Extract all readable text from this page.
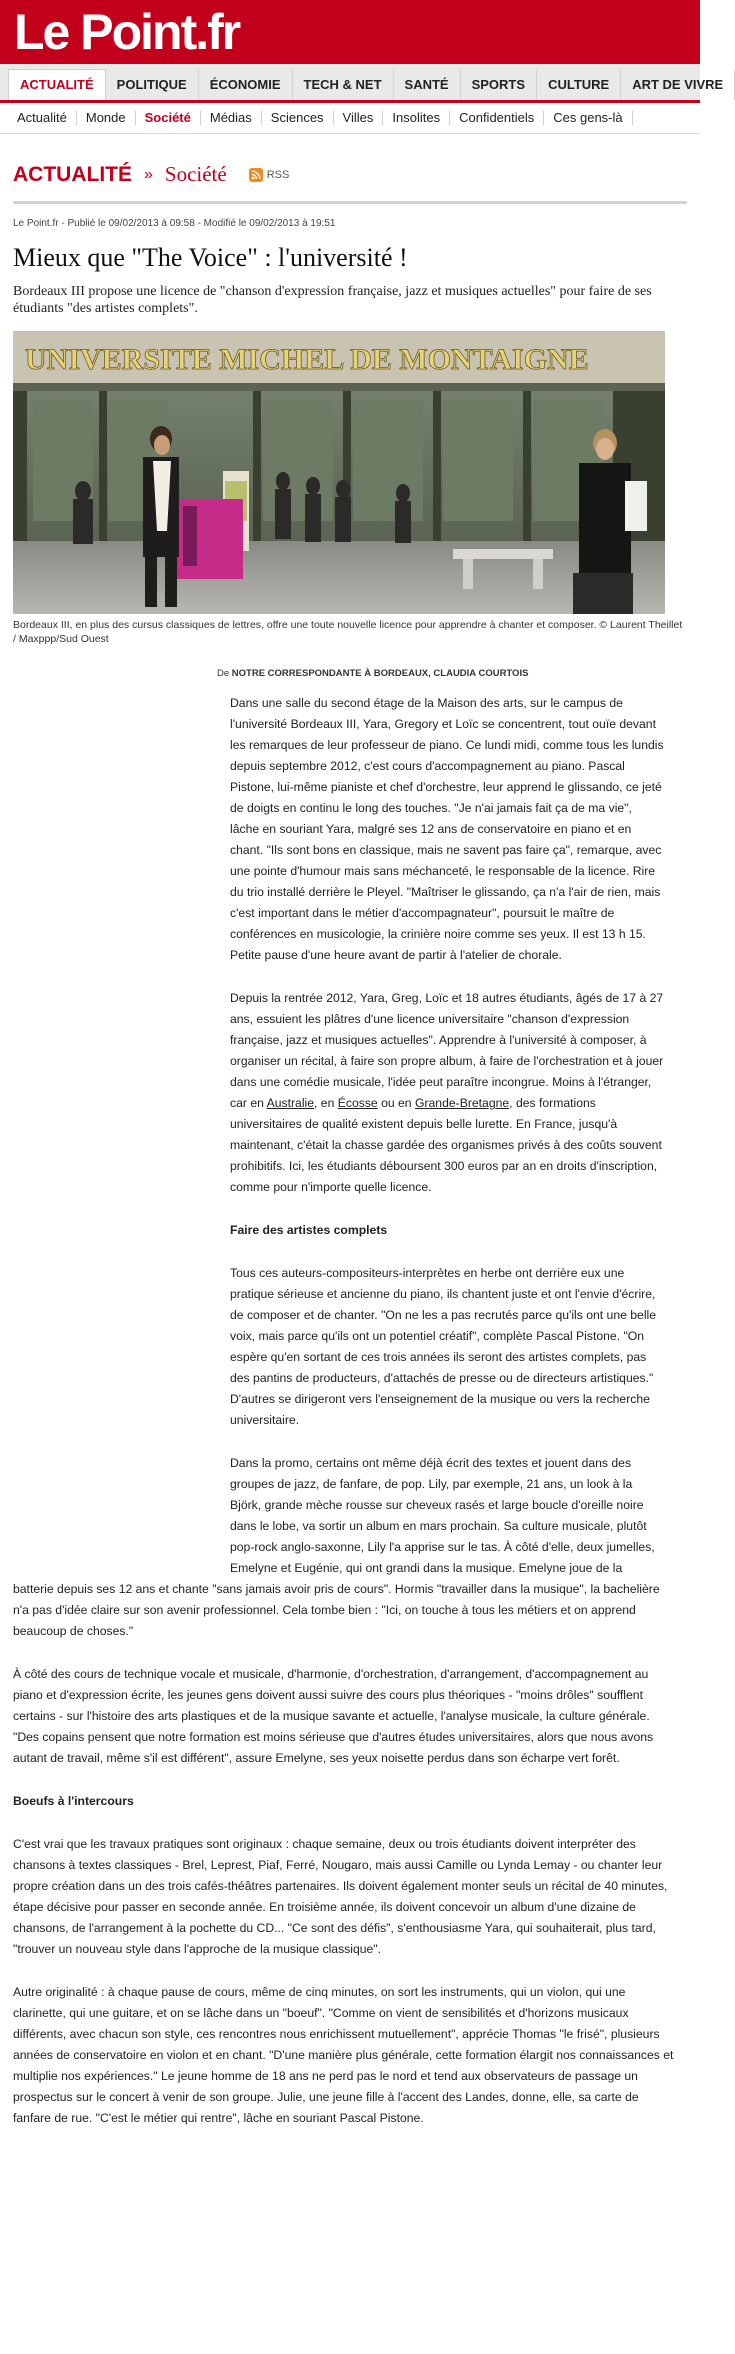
Le Point.fr
ACTUALITÉ	POLITIQUE	ÉCONOMIE	TECH & NET	SANTÉ	SPORTS	CULTURE	ART DE VIVRE
Actualité	Monde	Société	Médias	Sciences	Villes	Insolites	Confidentiels	Ces gens-là
ACTUALITÉ » Société	RSS
Le Point.fr - Publié le 09/02/2013 à 09:58 - Modifié le 09/02/2013 à 19:51
Mieux que "The Voice" : l'université !

Bordeaux III propose une licence de "chanson d'expression française, jazz et musiques actuelles" pour faire de ses étudiants "des artistes complets".

UNIVERSITE MICHEL DE MONTAIGNE
Bordeaux III, en plus des cursus classiques de lettres, offre une toute nouvelle licence pour apprendre à chanter et composer. © Laurent Theillet / Maxppp/Sud Ouest
De NOTRE CORRESPONDANTE À BORDEAUX, CLAUDIA COURTOIS

Dans une salle du second étage de la Maison des arts, sur le campus de l'université Bordeaux III, Yara, Gregory et Loïc se concentrent, tout ouïe devant les remarques de leur professeur de piano. Ce lundi midi, comme tous les lundis depuis septembre 2012, c'est cours d'accompagnement au piano. Pascal Pistone, lui-même pianiste et chef d'orchestre, leur apprend le glissando, ce jeté de doigts en continu le long des touches. "Je n'ai jamais fait ça de ma vie", lâche en souriant Yara, malgré ses 12 ans de conservatoire en piano et en chant. "Ils sont bons en classique, mais ne savent pas faire ça", remarque, avec une pointe d'humour mais sans méchanceté, le responsable de la licence. Rire du trio installé derrière le Pleyel. "Maîtriser le glissando, ça n'a l'air de rien, mais c'est important dans le métier d'accompagnateur", poursuit le maître de conférences en musicologie, la crinière noire comme ses yeux. Il est 13 h 15. Petite pause d'une heure avant de partir à l'atelier de chorale.

Depuis la rentrée 2012, Yara, Greg, Loïc et 18 autres étudiants, âgés de 17 à 27 ans, essuient les plâtres d'une licence universitaire "chanson d'expression française, jazz et musiques actuelles". Apprendre à l'université à composer, à organiser un récital, à faire son propre album, à faire de l'orchestration et à jouer dans une comédie musicale, l'idée peut paraître incongrue. Moins à l'étranger, car en Australie, en Écosse ou en Grande-Bretagne, des formations universitaires de qualité existent depuis belle lurette. En France, jusqu'à maintenant, c'était la chasse gardée des organismes privés à des coûts souvent prohibitifs. Ici, les étudiants déboursent 300 euros par an en droits d'inscription, comme pour n'importe quelle licence.

Faire des artistes complets

Tous ces auteurs-compositeurs-interprètes en herbe ont derrière eux une pratique sérieuse et ancienne du piano, ils chantent juste et ont l'envie d'écrire, de composer et de chanter. "On ne les a pas recrutés parce qu'ils ont une belle voix, mais parce qu'ils ont un potentiel créatif", complète Pascal Pistone. "On espère qu'en sortant de ces trois années ils seront des artistes complets, pas des pantins de producteurs, d'attachés de presse ou de directeurs artistiques." D'autres se dirigeront vers l'enseignement de la musique ou vers la recherche universitaire.

Dans la promo, certains ont même déjà écrit des textes et jouent dans des groupes de jazz, de fanfare, de pop. Lily, par exemple, 21 ans, un look à la Björk, grande mèche rousse sur cheveux rasés et large boucle d'oreille noire dans le lobe, va sortir un album en mars prochain. Sa culture musicale, plutôt pop-rock anglo-saxonne, Lily l'a apprise sur le tas. À côté d'elle, deux jumelles, Emelyne et Eugénie, qui ont grandi dans la musique. Emelyne joue de la

batterie depuis ses 12 ans et chante "sans jamais avoir pris de cours". Hormis "travailler dans la musique", la bachelière n'a pas d'idée claire sur son avenir professionnel. Cela tombe bien : "Ici, on touche à tous les métiers et on apprend beaucoup de choses."

À côté des cours de technique vocale et musicale, d'harmonie, d'orchestration, d'arrangement, d'accompagnement au piano et d'expression écrite, les jeunes gens doivent aussi suivre des cours plus théoriques - "moins drôles" soufflent certains - sur l'histoire des arts plastiques et de la musique savante et actuelle, l'analyse musicale, la culture générale. "Des copains pensent que notre formation est moins sérieuse que d'autres études universitaires, alors que nous avons autant de travail, même s'il est différent", assure Emelyne, ses yeux noisette perdus dans son écharpe vert forêt.

Boeufs à l'intercours

C'est vrai que les travaux pratiques sont originaux : chaque semaine, deux ou trois étudiants doivent interpréter des chansons à textes classiques - Brel, Leprest, Piaf, Ferré, Nougaro, mais aussi Camille ou Lynda Lemay - ou chanter leur propre création dans un des trois cafés-théâtres partenaires. Ils doivent également monter seuls un récital de 40 minutes, étape décisive pour passer en seconde année. En troisième année, ils doivent concevoir un album d'une dizaine de chansons, de l'arrangement à la pochette du CD... "Ce sont des défis", s'enthousiasme Yara, qui souhaiterait, plus tard, "trouver un nouveau style dans l'approche de la musique classique".

Autre originalité : à chaque pause de cours, même de cinq minutes, on sort les instruments, qui un violon, qui une clarinette, qui une guitare, et on se lâche dans un "boeuf". "Comme on vient de sensibilités et d'horizons musicaux différents, avec chacun son style, ces rencontres nous enrichissent mutuellement", apprécie Thomas "le frisé", plusieurs années de conservatoire en violon et en chant. "D'une manière plus générale, cette formation élargit nos connaissances et multiplie nos expériences." Le jeune homme de 18 ans ne perd pas le nord et tend aux observateurs de passage un prospectus sur le concert à venir de son groupe. Julie, une jeune fille à l'accent des Landes, donne, elle, sa carte de fanfare de rue. "C'est le métier qui rentre", lâche en souriant Pascal Pistone.
